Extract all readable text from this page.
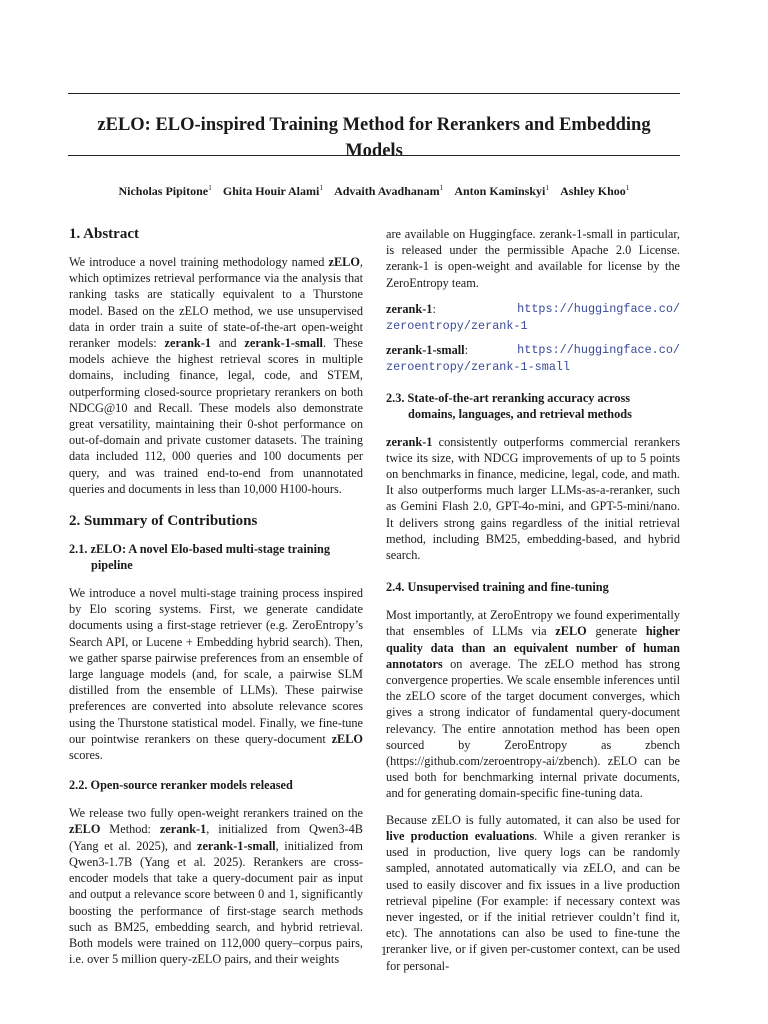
zELO: ELO-inspired Training Method for Rerankers and Embedding Models
Nicholas Pipitone$^1$ Ghita Houir Alami$^1$ Advaith Avadhanam$^1$ Anton Kaminskyi$^1$ Ashley Khoo$^1$
1. Abstract

We introduce a novel training methodology named zELO, which optimizes retrieval performance via the analysis that ranking tasks are statically equivalent to a Thurstone model. Based on the zELO method, we use unsupervised data in order train a suite of state-of-the-art open-weight reranker models: zerank-1 and zerank-1-small. These models achieve the highest retrieval scores in multiple domains, including finance, legal, code, and STEM, outperforming closed-source proprietary rerankers on both NDCG@10 and Recall. These models also demonstrate great versatility, maintaining their 0-shot performance on out-of-domain and private customer datasets. The training data included 112, 000 queries and 100 documents per query, and was trained end-to-end from unannotated queries and documents in less than 10,000 H100-hours.

2. Summary of Contributions
2.1. zELO: A novel Elo-based multi-stage training pipeline

We introduce a novel multi-stage training process inspired by Elo scoring systems. First, we generate candidate documents using a first-stage retriever (e.g. ZeroEntropy’s Search API, or Lucene + Embedding hybrid search). Then, we gather sparse pairwise preferences from an ensemble of large language models (and, for scale, a pairwise SLM distilled from the ensemble of LLMs). These pairwise preferences are converted into absolute relevance scores using the Thurstone statistical model. Finally, we fine-tune our pointwise rerankers on these query-document zELO scores.

2.2. Open-source reranker models released

We release two fully open-weight rerankers trained on the zELO Method: zerank-1, initialized from Qwen3-4B (Yang et al. 2025), and zerank-1-small, initialized from Qwen3-1.7B (Yang et al. 2025). Rerankers are cross-encoder models that take a query-document pair as input and output a relevance score between 0 and 1, significantly boosting the performance of first-stage search methods such as BM25, embedding search, and hybrid retrieval. Both models were trained on 112,000 query–corpus pairs, i.e. over 5 million query-zELO pairs, and their weights

are available on Huggingface. zerank-1-small in particular, is released under the permissible Apache 2.0 License. zerank-1 is open-weight and available for license by the ZeroEntropy team.

zerank-1:	https://huggingface.co/
zeroentropy/zerank-1
zerank-1-small:	https://huggingface.co/
zeroentropy/zerank-1-small
2.3. State-of-the-art reranking accuracy across domains, languages, and retrieval methods

zerank-1 consistently outperforms commercial rerankers twice its size, with NDCG improvements of up to 5 points on benchmarks in finance, medicine, legal, code, and math. It also outperforms much larger LLMs-as-a-reranker, such as Gemini Flash 2.0, GPT-4o-mini, and GPT-5-mini/nano. It delivers strong gains regardless of the initial retrieval method, including BM25, embedding-based, and hybrid search.

2.4. Unsupervised training and fine-tuning

Most importantly, at ZeroEntropy we found experimentally that ensembles of LLMs via zELO generate higher quality data than an equivalent number of human annotators on average. The zELO method has strong convergence properties. We scale ensemble inferences until the zELO score of the target document converges, which gives a strong indicator of fundamental query-document relevancy. The entire annotation method has been open sourced by ZeroEntropy as zbench (https://github.com/zeroentropy-ai/zbench). zELO can be used both for benchmarking internal private documents, and for generating domain-specific fine-tuning data.

Because zELO is fully automated, it can also be used for live production evaluations. While a given reranker is used in production, live query logs can be randomly sampled, annotated automatically via zELO, and can be used to easily discover and fix issues in a live production retrieval pipeline (For example: if necessary context was never ingested, or if the initial retriever couldn’t find it, etc). The annotations can also be used to fine-tune the reranker live, or if given per-customer context, can be used for personal-

1
